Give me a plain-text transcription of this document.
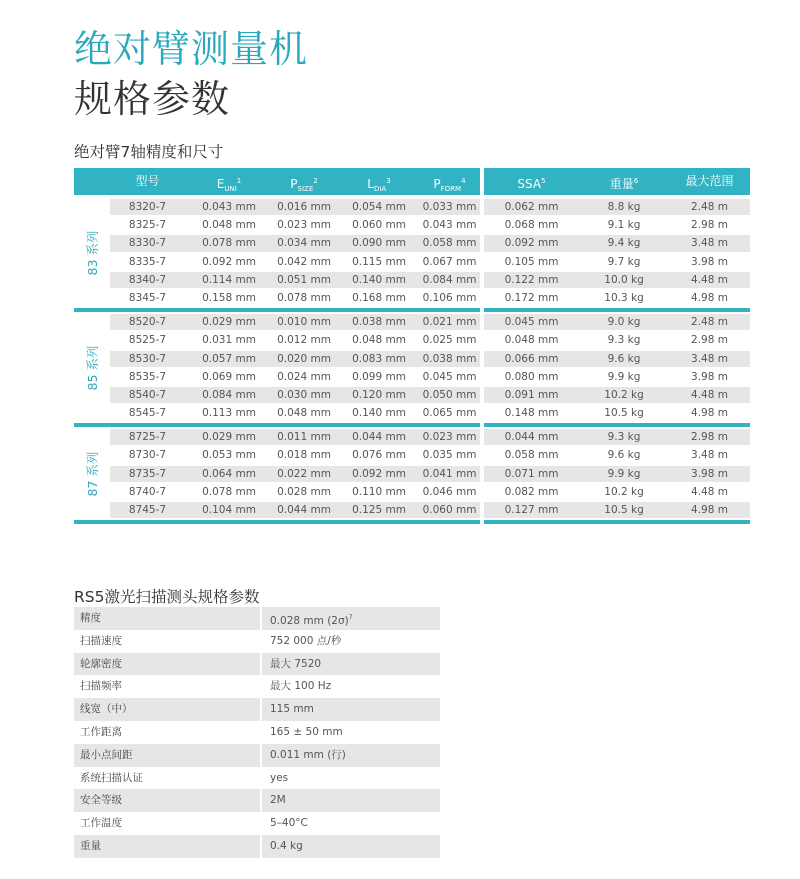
绝对臂测量机
规格参数
绝对臂7轴精度和尺寸
型号	$E_{UNI}^1$	$P_{SIZE}^2$	$L_{DIA}^3$	$P_{FORM}^4$	SSA$^5$	重量$^6$	最大范围
83 系列
8320-7	0.043 mm	0.016 mm	0.054 mm	0.033 mm	0.062 mm	8.8 kg	2.48 m
8325-7	0.048 mm	0.023 mm	0.060 mm	0.043 mm	0.068 mm	9.1 kg	2.98 m
8330-7	0.078 mm	0.034 mm	0.090 mm	0.058 mm	0.092 mm	9.4 kg	3.48 m
8335-7	0.092 mm	0.042 mm	0.115 mm	0.067 mm	0.105 mm	9.7 kg	3.98 m
8340-7	0.114 mm	0.051 mm	0.140 mm	0.084 mm	0.122 mm	10.0 kg	4.48 m
8345-7	0.158 mm	0.078 mm	0.168 mm	0.106 mm	0.172 mm	10.3 kg	4.98 m
85 系列
8520-7	0.029 mm	0.010 mm	0.038 mm	0.021 mm	0.045 mm	9.0 kg	2.48 m
8525-7	0.031 mm	0.012 mm	0.048 mm	0.025 mm	0.048 mm	9.3 kg	2.98 m
8530-7	0.057 mm	0.020 mm	0.083 mm	0.038 mm	0.066 mm	9.6 kg	3.48 m
8535-7	0.069 mm	0.024 mm	0.099 mm	0.045 mm	0.080 mm	9.9 kg	3.98 m
8540-7	0.084 mm	0.030 mm	0.120 mm	0.050 mm	0.091 mm	10.2 kg	4.48 m
8545-7	0.113 mm	0.048 mm	0.140 mm	0.065 mm	0.148 mm	10.5 kg	4.98 m
87 系列
8725-7	0.029 mm	0.011 mm	0.044 mm	0.023 mm	0.044 mm	9.3 kg	2.98 m
8730-7	0.053 mm	0.018 mm	0.076 mm	0.035 mm	0.058 mm	9.6 kg	3.48 m
8735-7	0.064 mm	0.022 mm	0.092 mm	0.041 mm	0.071 mm	9.9 kg	3.98 m
8740-7	0.078 mm	0.028 mm	0.110 mm	0.046 mm	0.082 mm	10.2 kg	4.48 m
8745-7	0.104 mm	0.044 mm	0.125 mm	0.060 mm	0.127 mm	10.5 kg	4.98 m
RS5激光扫描测头规格参数
精度	0.028 mm $(2\sigma)^7$
扫描速度	752 000 点/秒
轮廓密度	最大 7520
扫描频率	最大 100 Hz
线宽（中）	115 mm
工作距离	165 ± 50 mm
最小点间距	0.011 mm (行)
系统扫描认证	yes
安全等级	2M
工作温度	5–40°C
重量	0.4 kg
